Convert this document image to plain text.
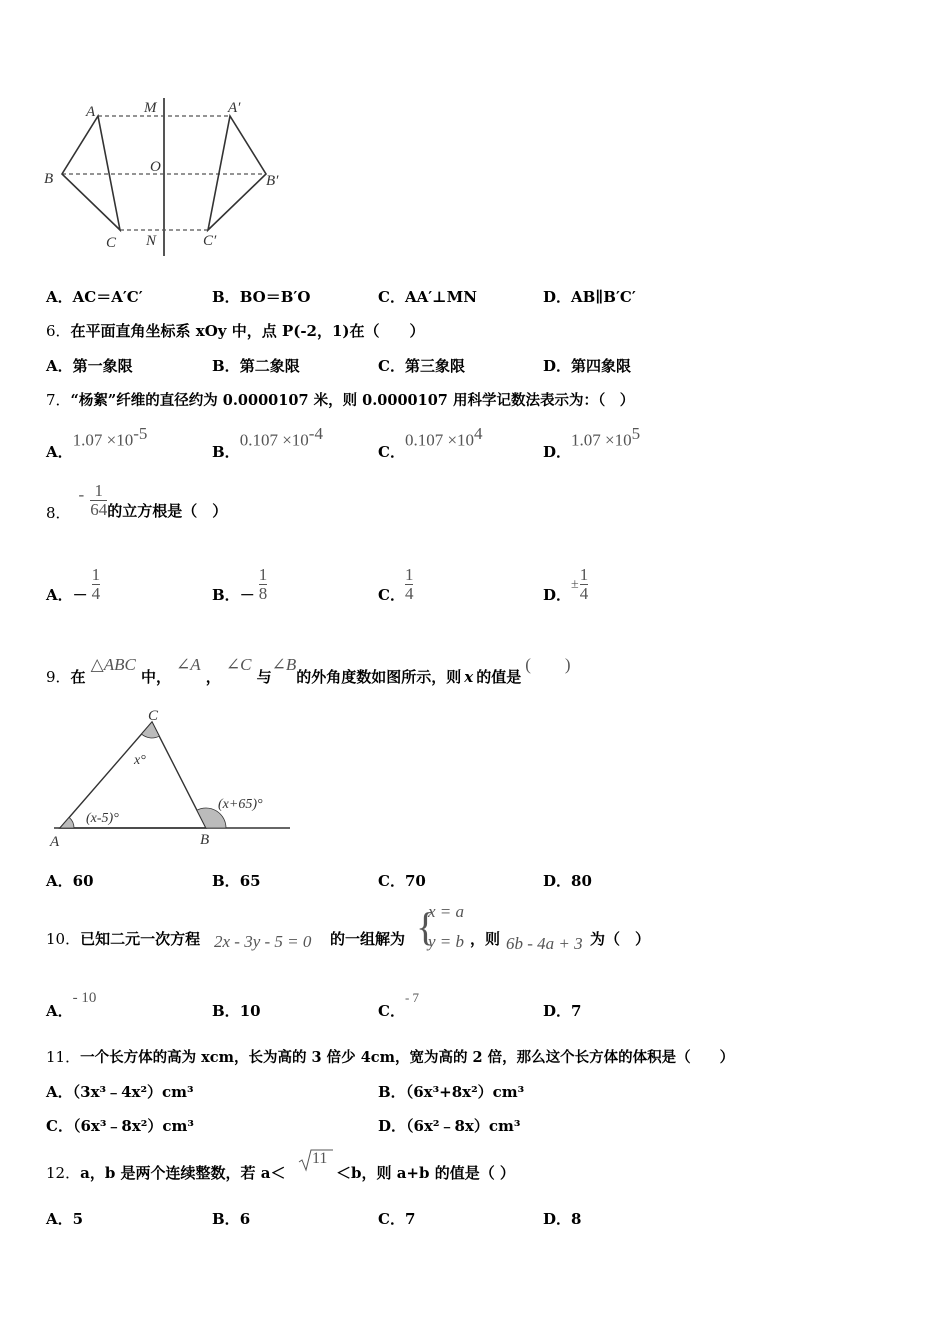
A	M	A′
O
B	B′
C N	C′
A．AC＝A′C′	B．BO＝B′O	C．AA′⊥MN	D．AB∥B′C′
6．在平面直角坐标系 xOy 中，点 P(-2，1)在（　　）
A．第一象限	B．第二象限	C．第三象限	D．第四象限
7．“杨絮”纤维的直径约为 0.0000107 米，则 0.0000107 用科学记数法表示为：（　）
A．$1.07 \times 10^{-5}$
B．$0.107 \times 10^{-4}$
C．$0.107 \times 10^4$
D．$1.07 \times 10^5$
8．
- $\frac{1}{64}$ 的立方根是（　）
A． － $\frac{1}{4}$	B． － $\frac{1}{8}$	C． $\frac{1}{4}$	D．
± $\frac{1}{4}$
9．在 △ABC 中， ∠A ， ∠C 与∠B的外角度数如图所示，则 x 的值是(　　)
C
A	B
x°
(x-5)°
(x+65)°
A．60	B．65	C．70	D．80
10．已知二元一次方程 2x - 3y - 5 = 0 的一组解为 {
x = a
y = b ，则 6b - 4a + 3 为（　）
A．- 10
B．10	C．- 7
D．7
11．一个长方体的高为 xcm，长为高的 3 倍少 4cm，宽为高的 2 倍，那么这个长方体的体积是（　　）
A．（3x³﹣4x²）cm³	B．（6x³+8x²）cm³
C．（6x³﹣8x²）cm³	D．（6x²﹣8x）cm³
12．a，b 是两个连续整数，若 a＜
11
＜b，则 a+b 的值是（ ）
A．5	B．6	C．7	D．8
